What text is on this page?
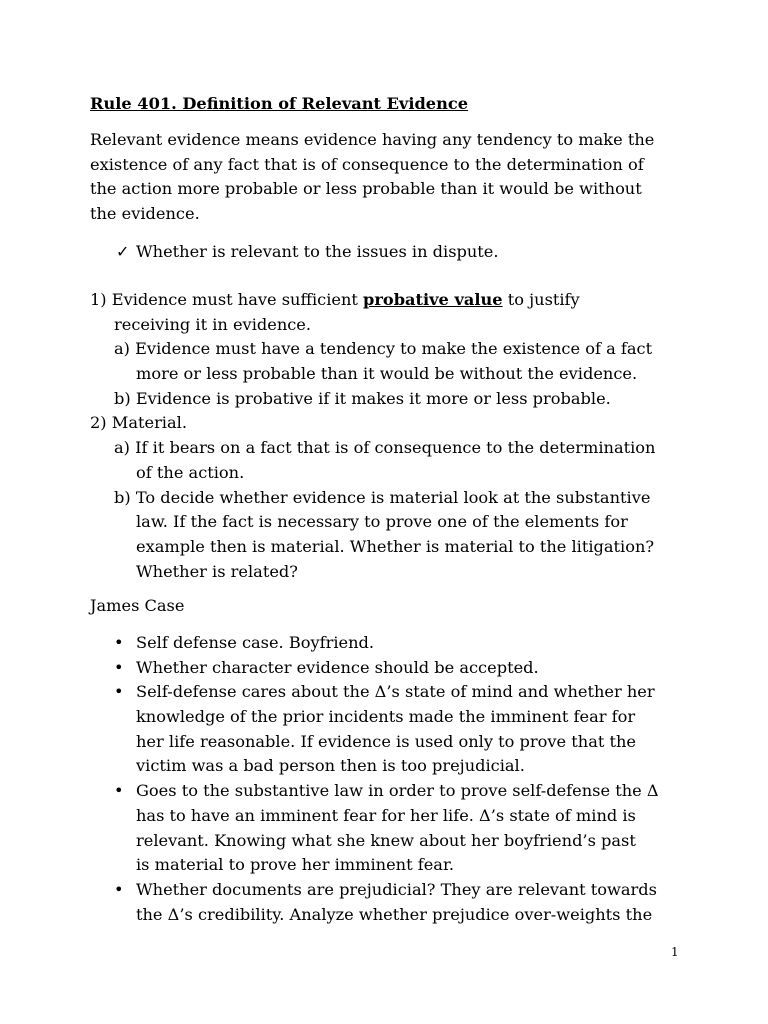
Rule 401. Definition of Relevant Evidence
Relevant evidence means evidence having any tendency to make the
existence of any fact that is of consequence to the determination of
the action more probable or less probable than it would be without
the evidence.
✓ Whether is relevant to the issues in dispute.
1) Evidence must have sufficient probative value to justify
receiving it in evidence.
a) Evidence must have a tendency to make the existence of a fact
more or less probable than it would be without the evidence.
b) Evidence is probative if it makes it more or less probable.
2) Material.
a) If it bears on a fact that is of consequence to the determination
of the action.
b) To decide whether evidence is material look at the substantive
law. If the fact is necessary to prove one of the elements for
example then is material. Whether is material to the litigation?
Whether is related?
James Case
• Self defense case. Boyfriend.
• Whether character evidence should be accepted.
• Self-defense cares about the Δ’s state of mind and whether her
knowledge of the prior incidents made the imminent fear for
her life reasonable. If evidence is used only to prove that the
victim was a bad person then is too prejudicial.
• Goes to the substantive law in order to prove self-defense the Δ
has to have an imminent fear for her life. Δ’s state of mind is
relevant. Knowing what she knew about her boyfriend’s past
is material to prove her imminent fear.
• Whether documents are prejudicial? They are relevant towards
the Δ’s credibility. Analyze whether prejudice over-weights the
1
